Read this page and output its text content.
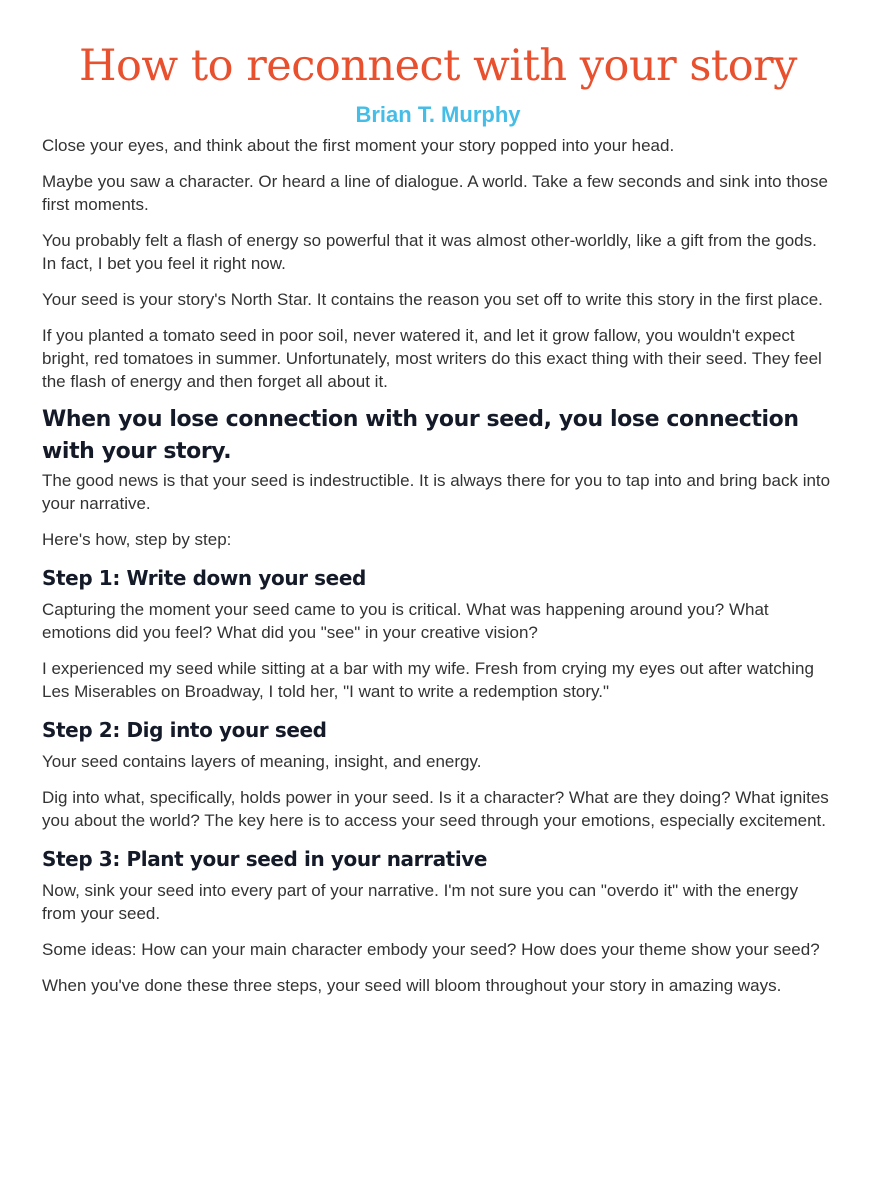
How to reconnect with your story
Brian T. Murphy

Close your eyes, and think about the first moment your story popped into your head.

Maybe you saw a character. Or heard a line of dialogue. A world. Take a few seconds and sink into those first moments.

You probably felt a flash of energy so powerful that it was almost other-worldly, like a gift from the gods. In fact, I bet you feel it right now.

Your seed is your story's North Star. It contains the reason you set off to write this story in the first place.

If you planted a tomato seed in poor soil, never watered it, and let it grow fallow, you wouldn't expect bright, red tomatoes in summer. Unfortunately, most writers do this exact thing with their seed. They feel the flash of energy and then forget all about it.

When you lose connection with your seed, you lose connection with your story.

The good news is that your seed is indestructible. It is always there for you to tap into and bring back into your narrative.

Here's how, step by step:

Step 1: Write down your seed

Capturing the moment your seed came to you is critical. What was happening around you? What emotions did you feel? What did you "see" in your creative vision?

I experienced my seed while sitting at a bar with my wife. Fresh from crying my eyes out after watching Les Miserables on Broadway, I told her, "I want to write a redemption story."

Step 2: Dig into your seed

Your seed contains layers of meaning, insight, and energy.

Dig into what, specifically, holds power in your seed. Is it a character? What are they doing? What ignites you about the world? The key here is to access your seed through your emotions, especially excitement.

Step 3: Plant your seed in your narrative

Now, sink your seed into every part of your narrative. I'm not sure you can "overdo it" with the energy from your seed.

Some ideas: How can your main character embody your seed? How does your theme show your seed?

When you've done these three steps, your seed will bloom throughout your story in amazing ways.
